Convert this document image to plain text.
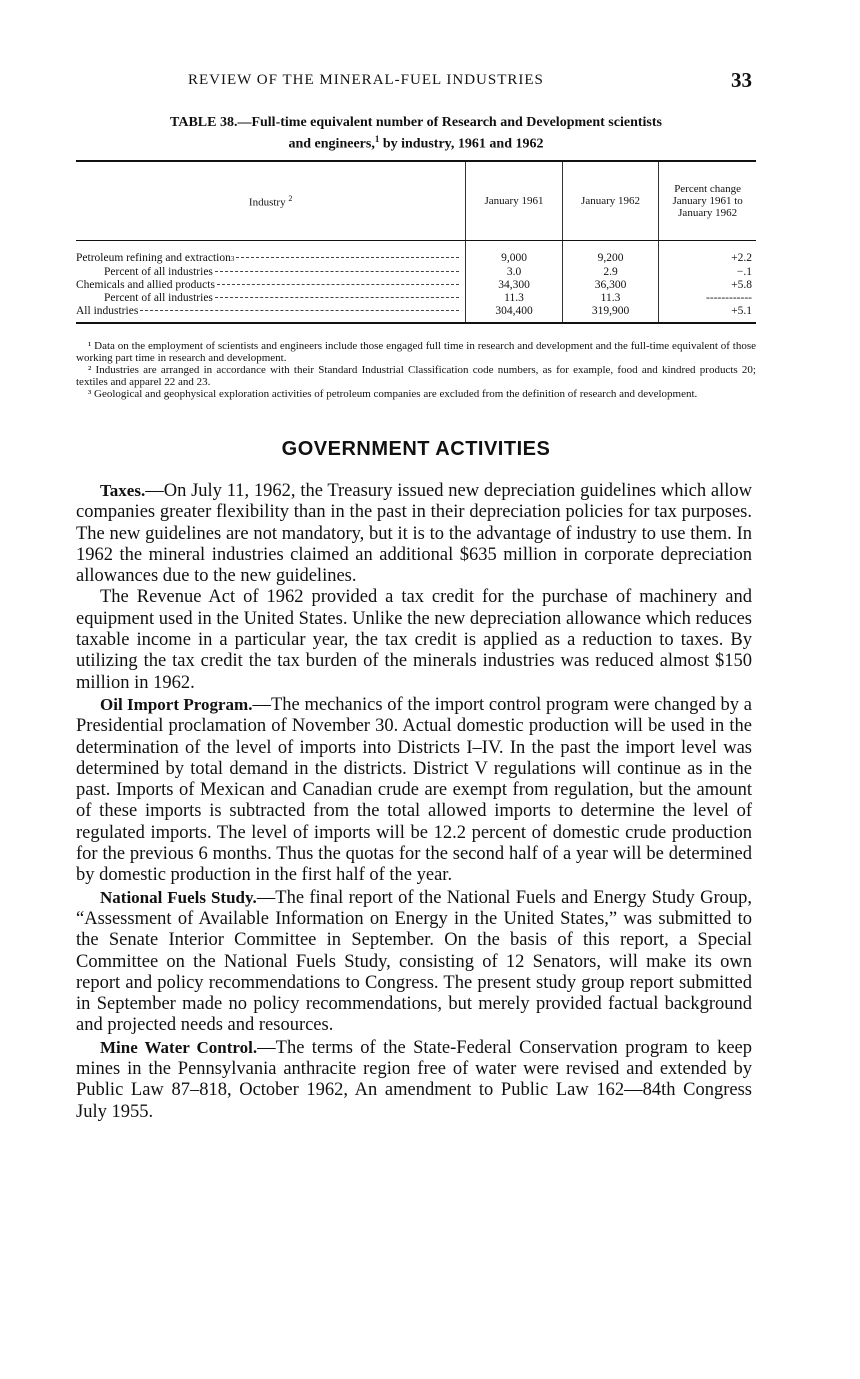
REVIEW OF THE MINERAL-FUEL INDUSTRIES	33
TABLE 38.—Full-time equivalent number of Research and Development scientists
and engineers,$^1$ by industry, 1961 and 1962
Industry $^2$	January 1961	January 1962	Percent change January 1961 to January 1962

Petroleum refining and extraction 3	9,000	9,200	+2.2

Percent of all industries	3.0	2.9	−.1

Chemicals and allied products	34,300	36,300	+5.8

Percent of all industries	11.3	11.3	------------

All industries	304,400	319,900	+5.1

¹ Data on the employment of scientists and engineers include those engaged full time in research and development and the full-time equivalent of those working part time in research and development.

² Industries are arranged in accordance with their Standard Industrial Classification code numbers, as for example, food and kindred products 20; textiles and apparel 22 and 23.

³ Geological and geophysical exploration activities of petroleum companies are excluded from the definition of research and development.

GOVERNMENT ACTIVITIES

Taxes.—On July 11, 1962, the Treasury issued new depreciation guidelines which allow companies greater flexibility than in the past in their depreciation policies for tax purposes. The new guidelines are not mandatory, but it is to the advantage of industry to use them. In 1962 the mineral industries claimed an additional $635 million in corporate depreciation allowances due to the new guidelines.

The Revenue Act of 1962 provided a tax credit for the purchase of machinery and equipment used in the United States. Unlike the new depreciation allowance which reduces taxable income in a particular year, the tax credit is applied as a reduction to taxes. By utilizing the tax credit the tax burden of the minerals industries was reduced almost $150 million in 1962.

Oil Import Program.—The mechanics of the import control program were changed by a Presidential proclamation of November 30. Actual domestic production will be used in the determination of the level of imports into Districts I–IV. In the past the import level was determined by total demand in the districts. District V regulations will continue as in the past. Imports of Mexican and Canadian crude are exempt from regulation, but the amount of these imports is subtracted from the total allowed imports to determine the level of regulated imports. The level of imports will be 12.2 percent of domestic crude production for the previous 6 months. Thus the quotas for the second half of a year will be determined by domestic production in the first half of the year.

National Fuels Study.—The final report of the National Fuels and Energy Study Group, “Assessment of Available Information on Energy in the United States,” was submitted to the Senate Interior Committee in September. On the basis of this report, a Special Committee on the National Fuels Study, consisting of 12 Senators, will make its own report and policy recommendations to Congress. The present study group report submitted in September made no policy recommendations, but merely provided factual background and projected needs and resources.

Mine Water Control.—The terms of the State-Federal Conservation program to keep mines in the Pennsylvania anthracite region free of water were revised and extended by Public Law 87–818, October 1962, An amendment to Public Law 162—84th Congress July 1955.
